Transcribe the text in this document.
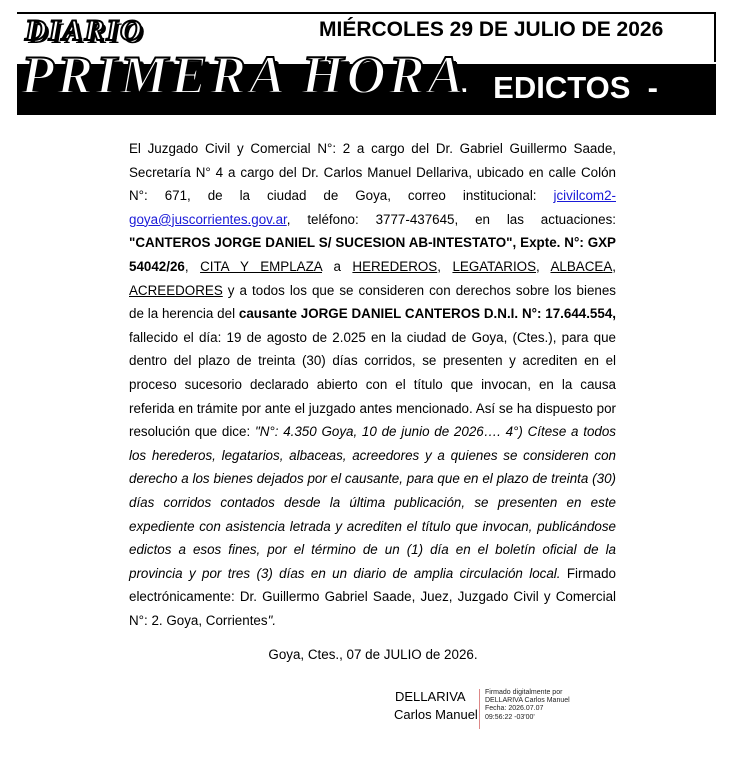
DIARIO
PRIMERA HORA
MIÉRCOLES 29 DE JULIO DE 2026
-   EDICTOS  -

El Juzgado Civil y Comercial N°: 2 a cargo del Dr. Gabriel Guillermo Saade, Secretaría N° 4 a cargo del Dr. Carlos Manuel Dellariva, ubicado en calle Colón N°: 671, de la ciudad de Goya, correo institucional: jcivilcom2-goya@juscorrientes.gov.ar, teléfono: 3777-437645, en las actuaciones: "CANTEROS JORGE DANIEL S/ SUCESION AB-INTESTATO", Expte. N°: GXP 54042/26, CITA Y EMPLAZA a HEREDEROS, LEGATARIOS, ALBACEA, ACREEDORES y a todos los que se consideren con derechos sobre los bienes de la herencia del causante JORGE DANIEL CANTEROS D.N.I. N°: 17.644.554, fallecido el día: 19 de agosto de 2.025 en la ciudad de Goya, (Ctes.), para que dentro del plazo de treinta (30) días corridos, se presenten y acrediten en el proceso sucesorio declarado abierto con el título que invocan, en la causa referida en trámite por ante el juzgado antes mencionado. Así se ha dispuesto por resolución que dice: "N°: 4.350 Goya, 10 de junio de 2026…. 4°) Cítese a todos los herederos, legatarios, albaceas, acreedores y a quienes se consideren con derecho a los bienes dejados por el causante, para que en el plazo de treinta (30) días corridos contados desde la última publicación, se presenten en este expediente con asistencia letrada y acrediten el título que invocan, publicándose edictos a esos fines, por el término de un (1) día en el boletín oficial de la provincia y por tres (3) días en un diario de amplia circulación local. Firmado electrónicamente: Dr. Guillermo Gabriel Saade, Juez, Juzgado Civil y Comercial N°: 2. Goya, Corrientes".

Goya, Ctes., 07 de JULIO de 2026.
DELLARIVA
Carlos Manuel
Firmado digitalmente por
DELLARIVA Carlos Manuel
Fecha: 2026.07.07
09:56:22 -03'00'
